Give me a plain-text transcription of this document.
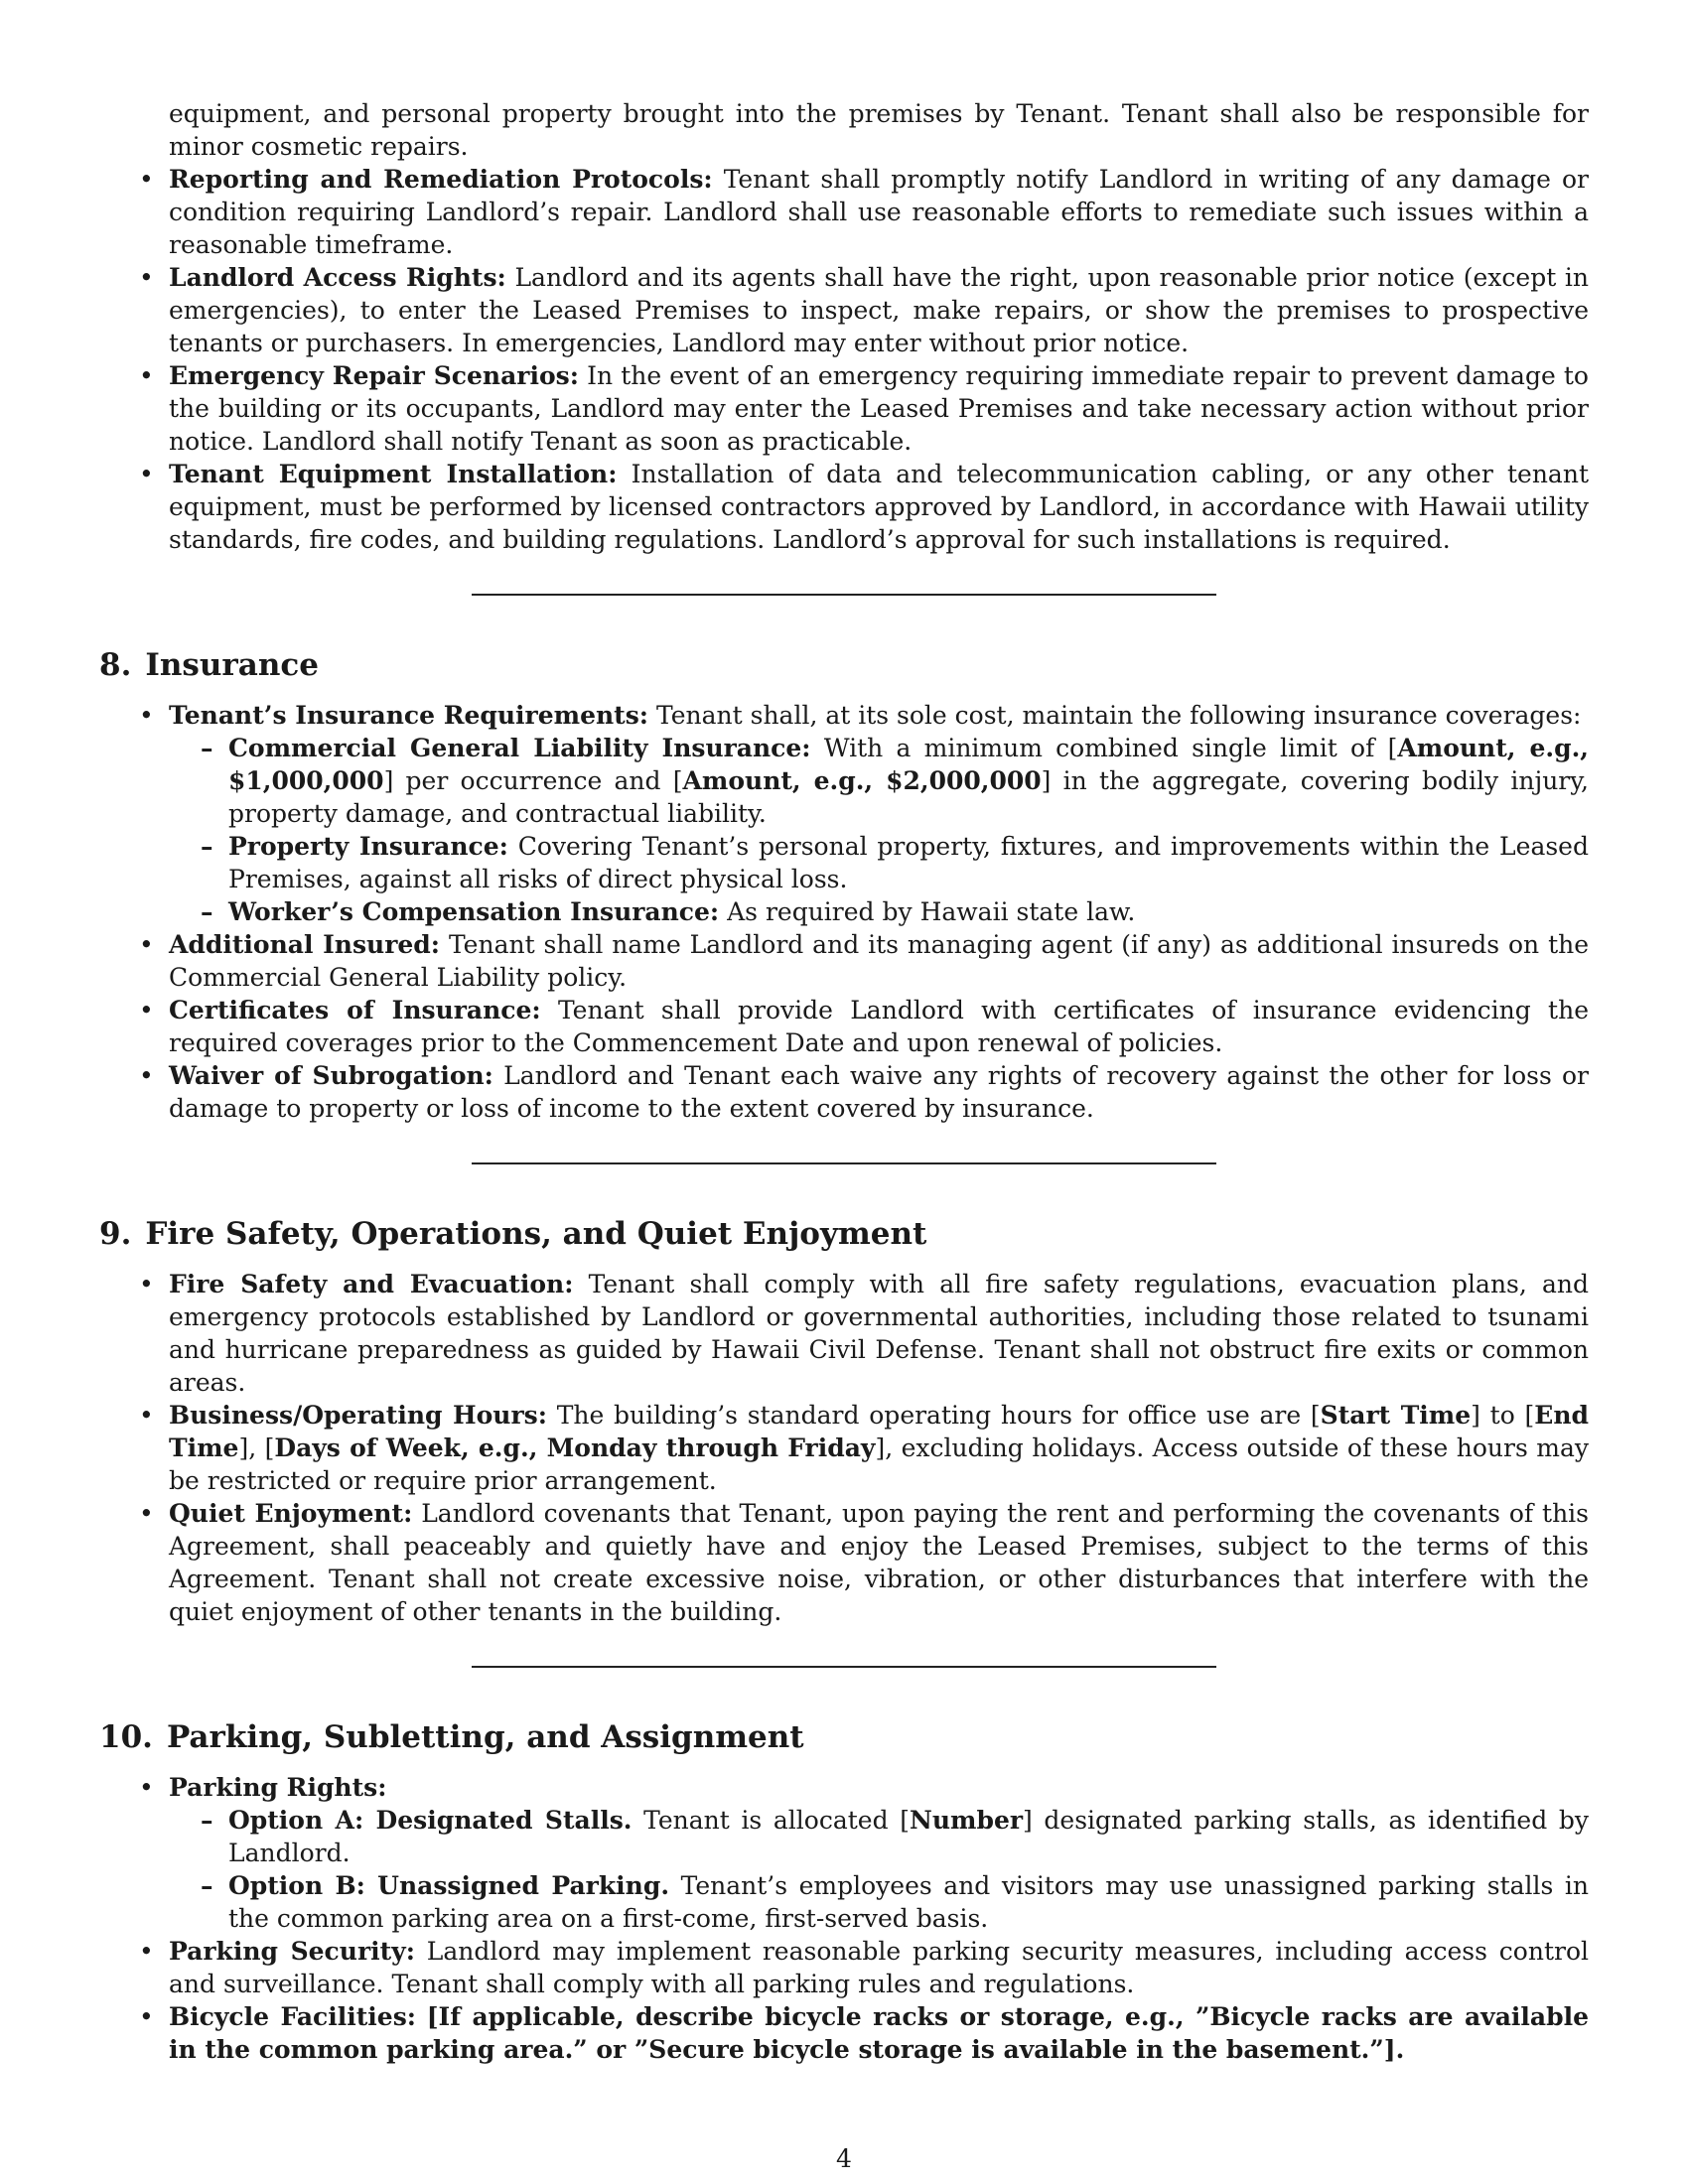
equipment, and personal property brought into the premises by Tenant. Tenant shall also be responsible for minor cosmetic repairs.
• Reporting and Remediation Protocols: Tenant shall promptly notify Landlord in writing of any damage or condition requiring Landlord’s repair. Landlord shall use reasonable efforts to remediate such issues within a reasonable timeframe.
• Landlord Access Rights: Landlord and its agents shall have the right, upon reasonable prior notice (except in emergencies), to enter the Leased Premises to inspect, make repairs, or show the premises to prospective tenants or purchasers. In emergencies, Landlord may enter without prior notice.
• Emergency Repair Scenarios: In the event of an emergency requiring immediate repair to prevent damage to the building or its occupants, Landlord may enter the Leased Premises and take necessary action without prior notice. Landlord shall notify Tenant as soon as practicable.
• Tenant Equipment Installation: Installation of data and telecommunication cabling, or any other tenant equipment, must be performed by licensed contractors approved by Landlord, in accordance with Hawaii utility standards, fire codes, and building regulations. Landlord’s approval for such installations is required.
8. Insurance
• Tenant’s Insurance Requirements: Tenant shall, at its sole cost, maintain the following insurance coverages:
– Commercial General Liability Insurance: With a minimum combined single limit of [Amount, e.g., $1,000,000] per occurrence and [Amount, e.g., $2,000,000] in the aggregate, covering bodily injury, property damage, and contractual liability.
– Property Insurance: Covering Tenant’s personal property, fixtures, and improvements within the Leased Premises, against all risks of direct physical loss.
– Worker’s Compensation Insurance: As required by Hawaii state law.
• Additional Insured: Tenant shall name Landlord and its managing agent (if any) as additional insureds on the Commercial General Liability policy.
• Certificates of Insurance: Tenant shall provide Landlord with certificates of insurance evidencing the required coverages prior to the Commencement Date and upon renewal of policies.
• Waiver of Subrogation: Landlord and Tenant each waive any rights of recovery against the other for loss or damage to property or loss of income to the extent covered by insurance.
9. Fire Safety, Operations, and Quiet Enjoyment
• Fire Safety and Evacuation: Tenant shall comply with all fire safety regulations, evacuation plans, and emergency protocols established by Landlord or governmental authorities, including those related to tsunami and hurricane preparedness as guided by Hawaii Civil Defense. Tenant shall not obstruct fire exits or common areas.
• Business/Operating Hours: The building’s standard operating hours for office use are [Start Time] to [End Time], [Days of Week, e.g., Monday through Friday], excluding holidays. Access outside of these hours may be restricted or require prior arrangement.
• Quiet Enjoyment: Landlord covenants that Tenant, upon paying the rent and performing the covenants of this Agreement, shall peaceably and quietly have and enjoy the Leased Premises, subject to the terms of this Agreement. Tenant shall not create excessive noise, vibration, or other disturbances that interfere with the quiet enjoyment of other tenants in the building.
10. Parking, Subletting, and Assignment
• Parking Rights:
– Option A: Designated Stalls. Tenant is allocated [Number] designated parking stalls, as identified by Landlord.
– Option B: Unassigned Parking. Tenant’s employees and visitors may use unassigned parking stalls in the common parking area on a first-come, first-served basis.
• Parking Security: Landlord may implement reasonable parking security measures, including access control and surveillance. Tenant shall comply with all parking rules and regulations.
• Bicycle Facilities: [If applicable, describe bicycle racks or storage, e.g., ”Bicycle racks are available in the common parking area.” or ”Secure bicycle storage is available in the basement.”].
4
